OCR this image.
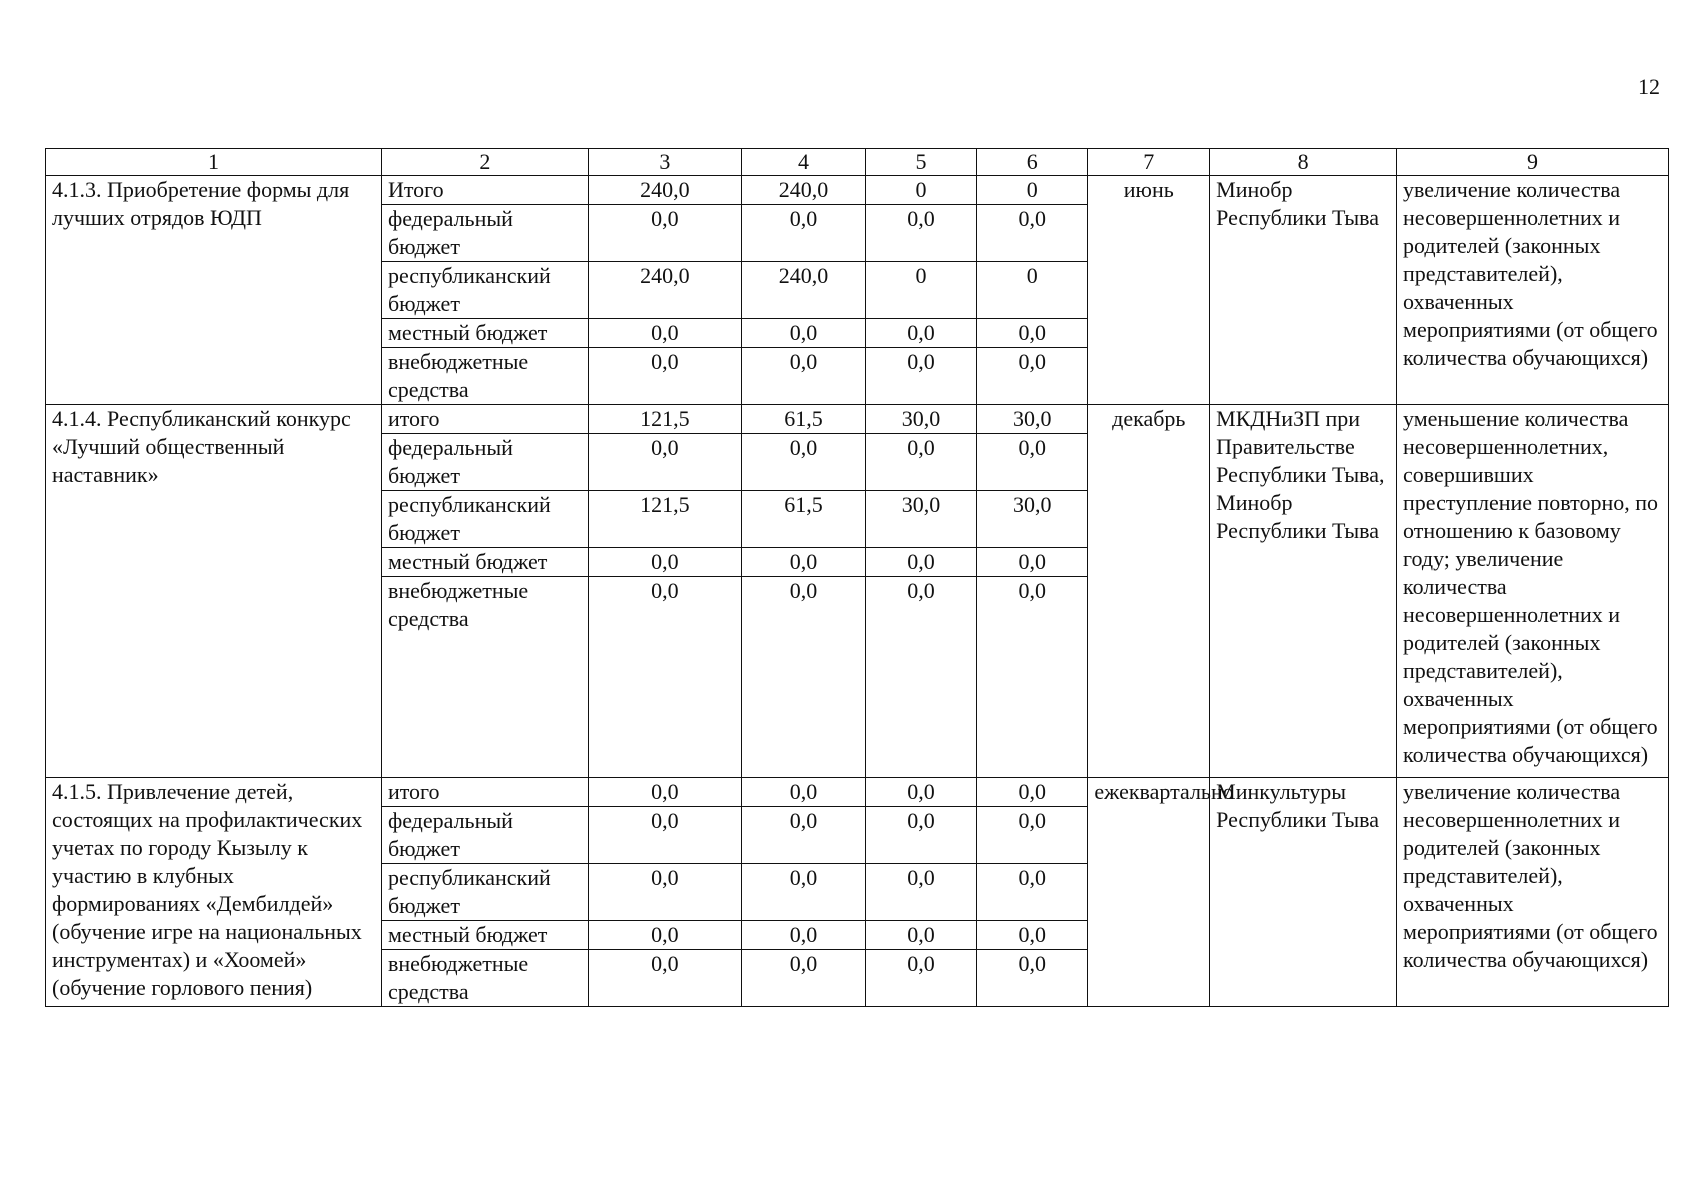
12
1	2	3	4	5	6	7	8	9
4.1.3. Приобретение формы для лучших отрядов ЮДП	Итого	240,0	240,0	0	0	июнь	Минобр Республики Тыва	увеличение количества несовершеннолетних и родителей (законных представителей), охваченных мероприятиями (от общего количества обучающихся)
	федеральный бюджет	0,0	0,0	0,0	0,0			
	республиканский бюджет	240,0	240,0	0	0			
	местный бюджет	0,0	0,0	0,0	0,0			
	внебюджетные средства	0,0	0,0	0,0	0,0			
4.1.4. Республиканский конкурс «Лучший общественный наставник»	итого	121,5	61,5	30,0	30,0	декабрь	МКДНиЗП при Правительстве Республики Тыва, Минобр Республики Тыва	уменьшение количества несовершеннолетних, совершивших преступление повторно, по отношению к базовому году; увеличение количества несовершеннолетних и родителей (законных представителей), охваченных мероприятиями (от общего количества обучающихся)
	федеральный бюджет	0,0	0,0	0,0	0,0			
	республиканский бюджет	121,5	61,5	30,0	30,0			
	местный бюджет	0,0	0,0	0,0	0,0			
	внебюджетные средства	0,0	0,0	0,0	0,0			
4.1.5. Привлечение детей, состоящих на профилактических учетах по городу Кызылу к участию в клубных формированиях «Дембилдей» (обучение игре на национальных инструментах) и «Хоомей» (обучение горлового пения)	итого	0,0	0,0	0,0	0,0	ежеквартально	Минкультуры Республики Тыва	увеличение количества несовершеннолетних и родителей (законных представителей), охваченных мероприятиями (от общего количества обучающихся)
	федеральный бюджет	0,0	0,0	0,0	0,0			
	республиканский бюджет	0,0	0,0	0,0	0,0			
	местный бюджет	0,0	0,0	0,0	0,0			
	внебюджетные средства	0,0	0,0	0,0	0,0			
